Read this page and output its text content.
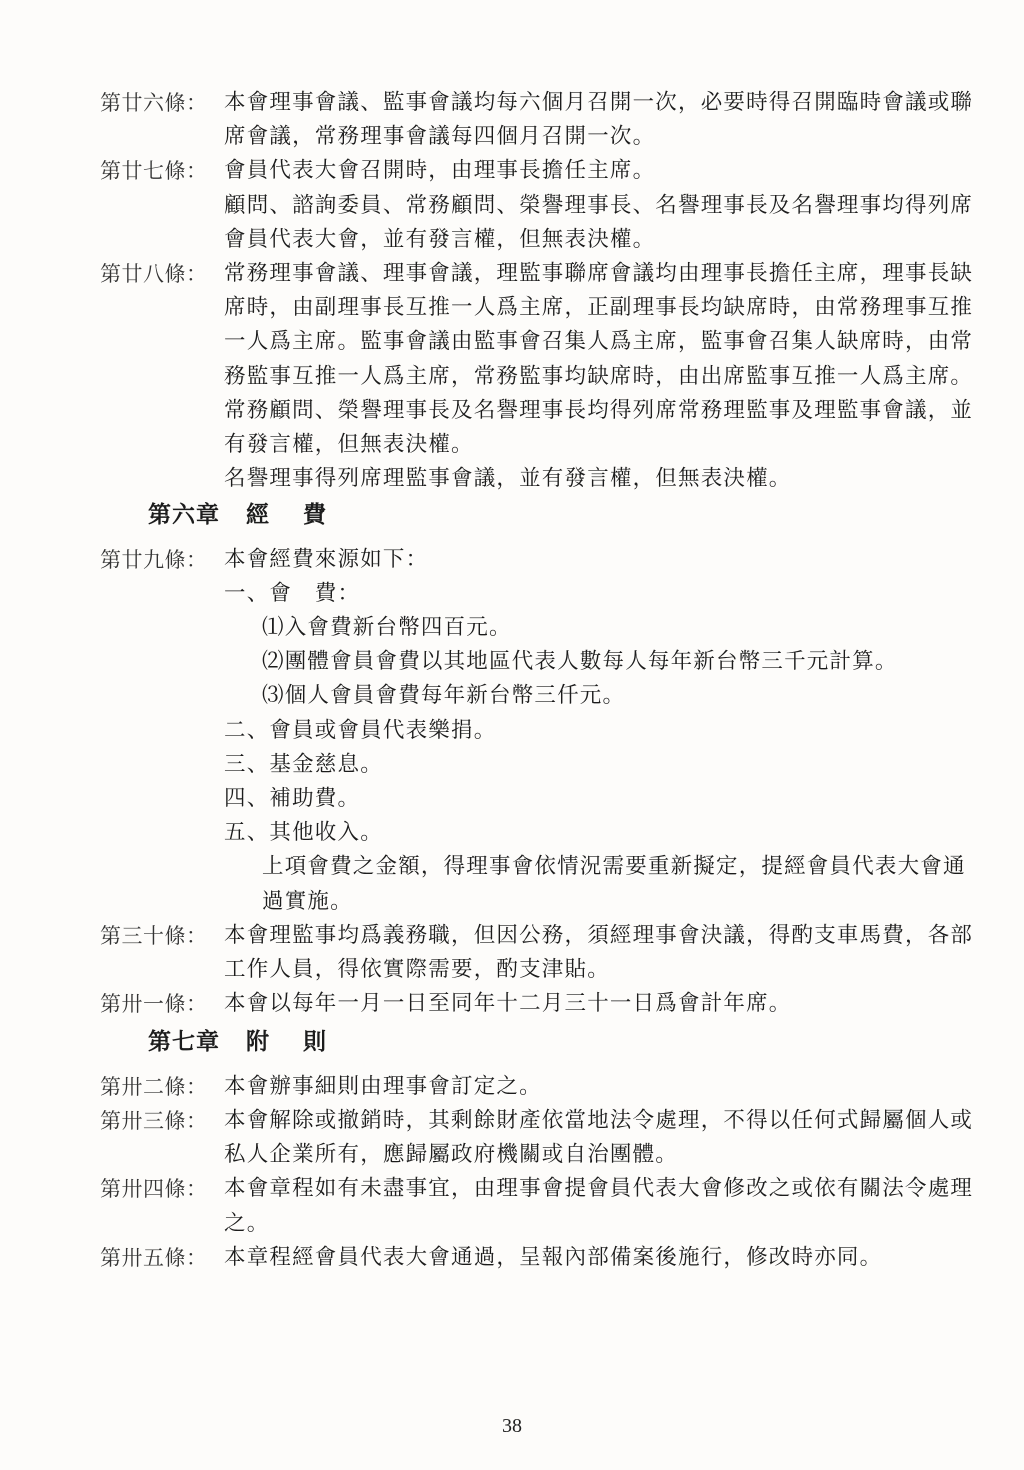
第廿六條： 本會理事會議、監事會議均每六個月召開一次，必要時得召開臨時會議或聯席會議，常務理事會議每四個月召開一次。

第廿七條： 會員代表大會召開時，由理事長擔任主席。

顧問、諮詢委員、常務顧問、榮譽理事長、名譽理事長及名譽理事均得列席會員代表大會，並有發言權，但無表決權。

第廿八條： 常務理事會議、理事會議，理監事聯席會議均由理事長擔任主席，理事長缺席時，由副理事長互推一人爲主席，正副理事長均缺席時，由常務理事互推一人爲主席。監事會議由監事會召集人爲主席，監事會召集人缺席時，由常務監事互推一人爲主席，常務監事均缺席時，由出席監事互推一人爲主席。

常務顧問、榮譽理事長及名譽理事長均得列席常務理監事及理監事會議，並有發言權，但無表決權。

名譽理事得列席理監事會議，並有發言權，但無表決權。

第六章 經費
第廿九條： 本會經費來源如下：

一、會　費：
⑴入會費新台幣四百元。
⑵團體會員會費以其地區代表人數每人每年新台幣三千元計算。
⑶個人會員會費每年新台幣三仟元。
二、會員或會員代表樂捐。
三、基金慈息。
四、補助費。
五、其他收入。
上項會費之金額，得理事會依情況需要重新擬定，提經會員代表大會通過實施。
第三十條： 本會理監事均爲義務職，但因公務，須經理事會決議，得酌支車馬費，各部工作人員，得依實際需要，酌支津貼。

第卅一條： 本會以每年一月一日至同年十二月三十一日爲會計年席。

第七章 附則
第卅二條： 本會辦事細則由理事會訂定之。

第卅三條： 本會解除或撤銷時，其剩餘財產依當地法令處理，不得以任何式歸屬個人或私人企業所有，應歸屬政府機關或自治團體。

第卅四條： 本會章程如有未盡事宜，由理事會提會員代表大會修改之或依有關法令處理之。

第卅五條： 本章程經會員代表大會通過，呈報內部備案後施行，修改時亦同。

38
